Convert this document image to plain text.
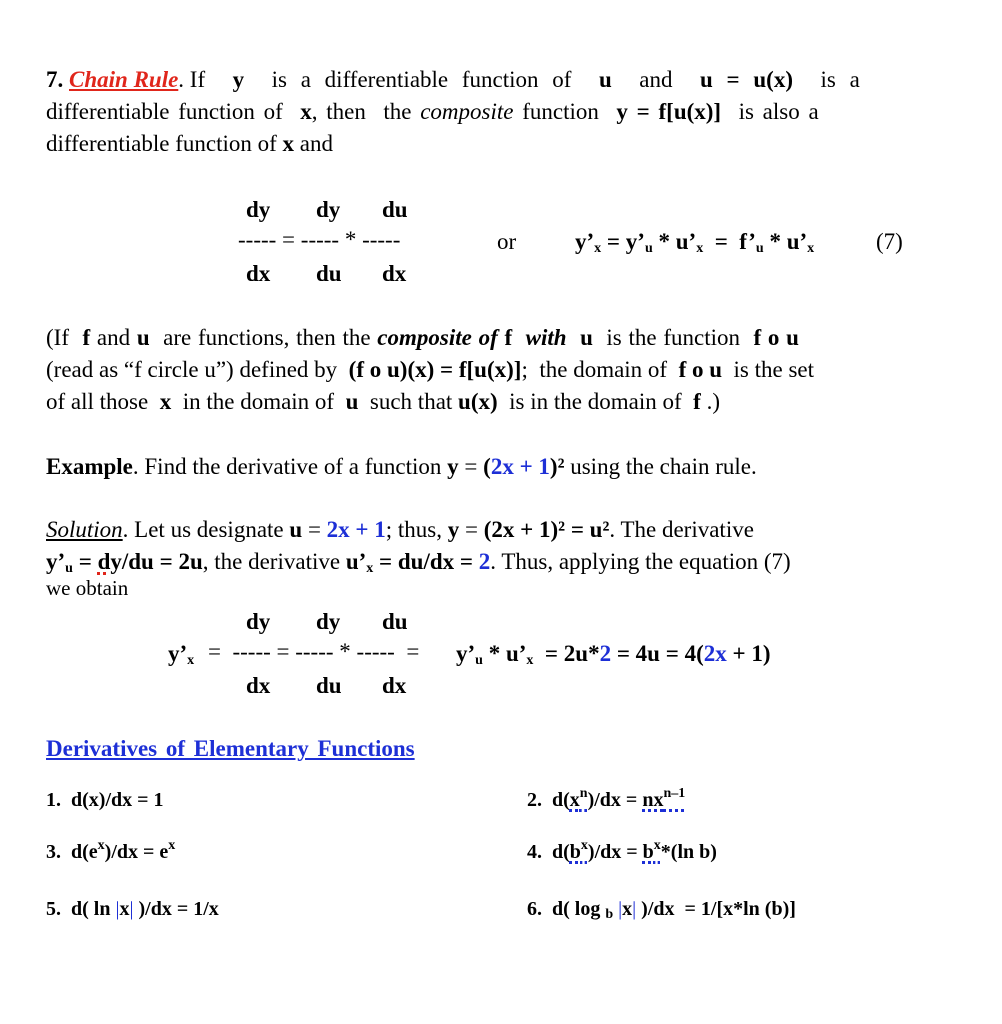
7. Chain Rule. If  y  is a differentiable function of  u  and  u = u(x)  is a
differentiable function of  x, then  the composite function  y = f[u(x)]  is also a
differentiable function of x and
dy dy du
----- = ----- * -----
dx du dx
or	$y’_x$ = $y’_u$ * $u’_x$  =  $f’_u$ * $u’_x$	(7)
(If  f and u  are functions, then the composite of f with u  is the function  f o u
(read as “f circle u”) defined by  (f o u)(x) = f[u(x)];  the domain of  f o u  is the set
of all those  x  in the domain of  u  such that u(x)  is in the domain of  f .)
Example. Find the derivative of a function y = (2x + 1)² using the chain rule.
Solution. Let us designate u = 2x + 1; thus, y = (2x + 1)² = u². The derivative
$y’_u = dy/du = 2u$, the derivative $u’_x = du/dx = 2$. Thus, applying the equation (7)
we obtain
dy dy du
$y’_x$ =  ----- = ----- * -----  = $y’_u$ * $u’_x = 2u*2 = 4u = 4(2x + 1)$
dx du dx
Derivatives of Elementary Functions
1.  d(x)/dx = 1	2.  $d(x^n)/dx = nx^{n-1}$
3.  $d(e^x)/dx = e^x$	4.  $d(b^x)/dx = b^x*(\ln$ b)
5.  d( ln |x| )/dx = 1/x	6.  d( log $_b$ |x| )/dx  = 1/[x*ln (b)]
